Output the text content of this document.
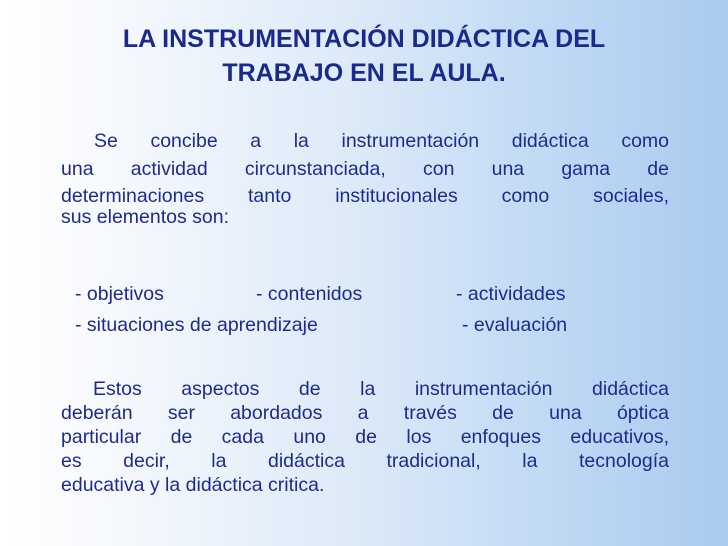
LA INSTRUMENTACIÓN DIDÁCTICA DEL
TRABAJO EN EL AULA.
Se concibe a la instrumentación didáctica como
una actividad circunstanciada, con una gama de
determinaciones tanto institucionales como sociales,
sus elementos son:
- objetivos	- contenidos	- actividades
- situaciones de aprendizaje	- evaluación
Estos aspectos de la instrumentación didáctica
deberán ser abordados a través de una óptica
particular de cada uno de los enfoques educativos,
es decir, la didáctica tradicional, la tecnología
educativa y la didáctica critica.
